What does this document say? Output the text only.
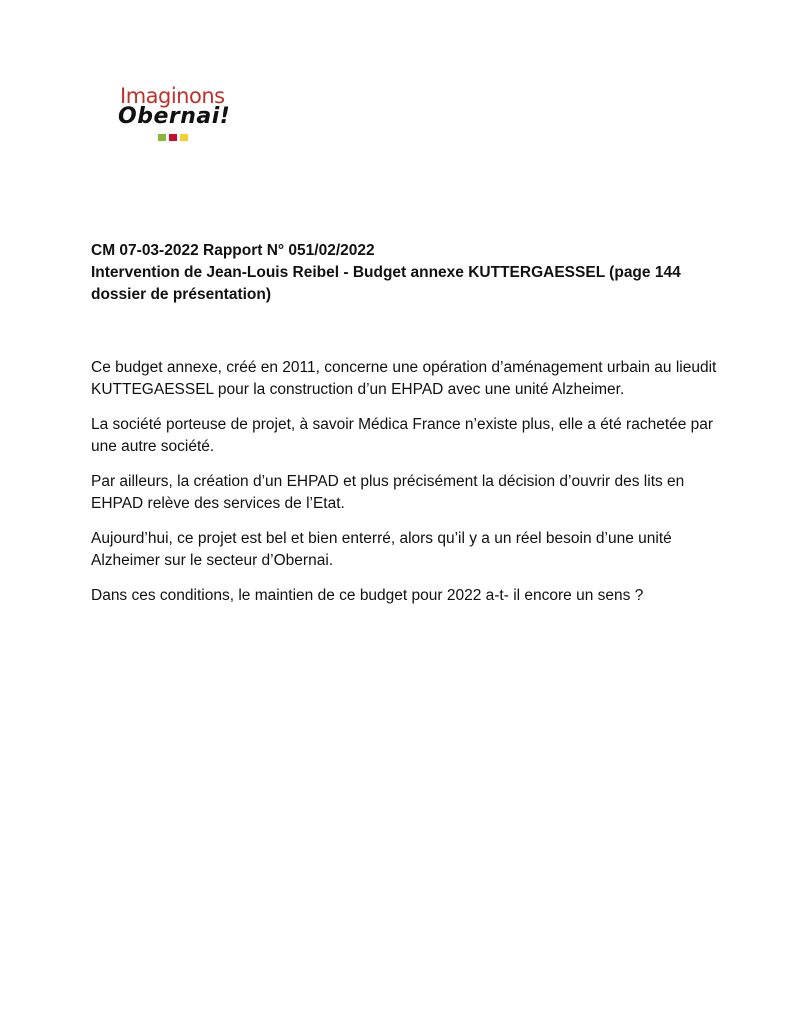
Imaginons
Obernai!

CM 07-03-2022 Rapport N° 051/02/2022

Intervention de Jean-Louis Reibel - Budget annexe KUTTERGAESSEL (page 144

dossier de présentation)

Ce budget annexe, créé en 2011, concerne une opération d’aménagement urbain au lieudit KUTTEGAESSEL pour la construction d’un EHPAD avec une unité Alzheimer.

La société porteuse de projet, à savoir Médica France n’existe plus, elle a été rachetée par une autre société.

Par ailleurs, la création d’un EHPAD et plus précisément la décision d’ouvrir des lits en EHPAD relève des services de l’Etat.

Aujourd’hui, ce projet est bel et bien enterré, alors qu’il y a un réel besoin d’une unité Alzheimer sur le secteur d’Obernai.

Dans ces conditions, le maintien de ce budget pour 2022 a-t- il encore un sens ?
